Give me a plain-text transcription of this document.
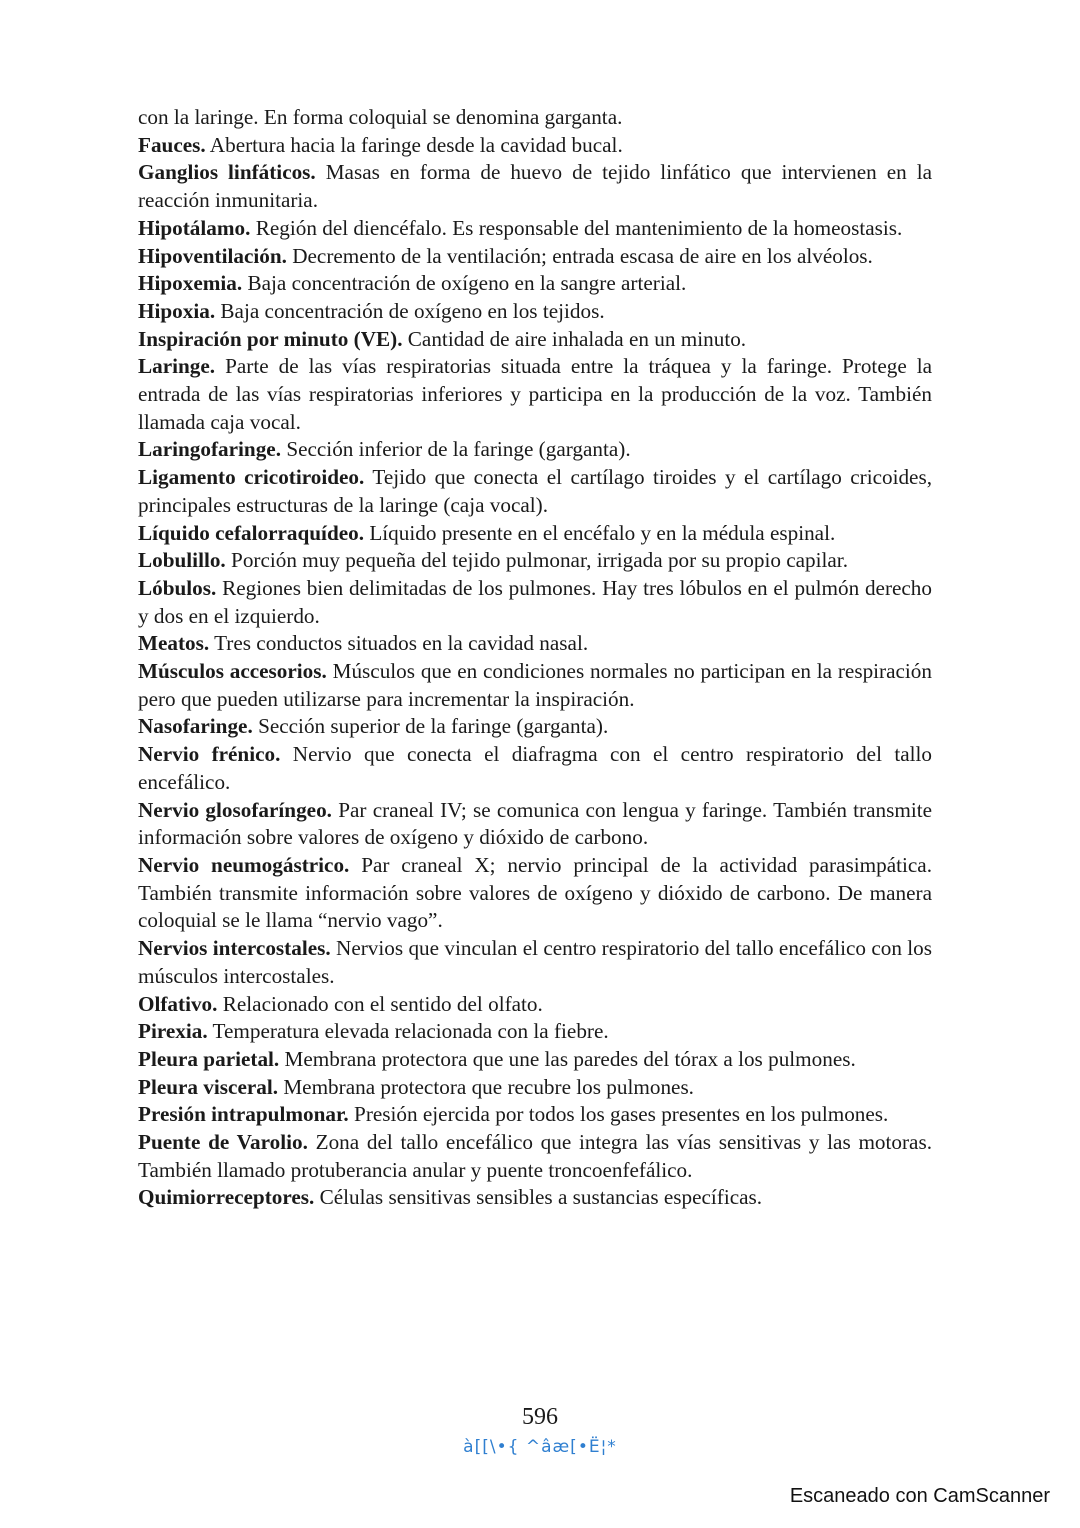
con la laringe. En forma coloquial se denomina garganta.

Fauces. Abertura hacia la faringe desde la cavidad bucal.

Ganglios linfáticos. Masas en forma de huevo de tejido linfático que intervienen en la reacción inmunitaria.

Hipotálamo. Región del diencéfalo. Es responsable del mantenimiento de la homeostasis.

Hipoventilación. Decremento de la ventilación; entrada escasa de aire en los alvéolos.

Hipoxemia. Baja concentración de oxígeno en la sangre arterial.

Hipoxia. Baja concentración de oxígeno en los tejidos.

Inspiración por minuto (VE). Cantidad de aire inhalada en un minuto.

Laringe. Parte de las vías respiratorias situada entre la tráquea y la faringe. Protege la entrada de las vías respiratorias inferiores y participa en la producción de la voz. También llamada caja vocal.

Laringofaringe. Sección inferior de la faringe (garganta).

Ligamento cricotiroideo. Tejido que conecta el cartílago tiroides y el cartílago cricoides, principales estructuras de la laringe (caja vocal).

Líquido cefalorraquídeo. Líquido presente en el encéfalo y en la médula espinal.

Lobulillo. Porción muy pequeña del tejido pulmonar, irrigada por su propio capilar.

Lóbulos. Regiones bien delimitadas de los pulmones. Hay tres lóbulos en el pulmón derecho y dos en el izquierdo.

Meatos. Tres conductos situados en la cavidad nasal.

Músculos accesorios. Músculos que en condiciones normales no participan en la respiración pero que pueden utilizarse para incrementar la inspiración.

Nasofaringe. Sección superior de la faringe (garganta).

Nervio frénico. Nervio que conecta el diafragma con el centro respiratorio del tallo encefálico.

Nervio glosofaríngeo. Par craneal IV; se comunica con lengua y faringe. También transmite información sobre valores de oxígeno y dióxido de carbono.

Nervio neumogástrico. Par craneal X; nervio principal de la actividad parasimpática. También transmite información sobre valores de oxígeno y dióxido de carbono. De manera coloquial se le llama “nervio vago”.

Nervios intercostales. Nervios que vinculan el centro respiratorio del tallo encefálico con los músculos intercostales.

Olfativo. Relacionado con el sentido del olfato.

Pirexia. Temperatura elevada relacionada con la fiebre.

Pleura parietal. Membrana protectora que une las paredes del tórax a los pulmones.

Pleura visceral. Membrana protectora que recubre los pulmones.

Presión intrapulmonar. Presión ejercida por todos los gases presentes en los pulmones.

Puente de Varolio. Zona del tallo encefálico que integra las vías sensitivas y las motoras. También llamado protuberancia anular y puente troncoenfefálico.

Quimiorreceptores. Células sensitivas sensibles a sustancias específicas.

596
à[[\•{ ^âæ[•Ë¦*
Escaneado con CamScanner
